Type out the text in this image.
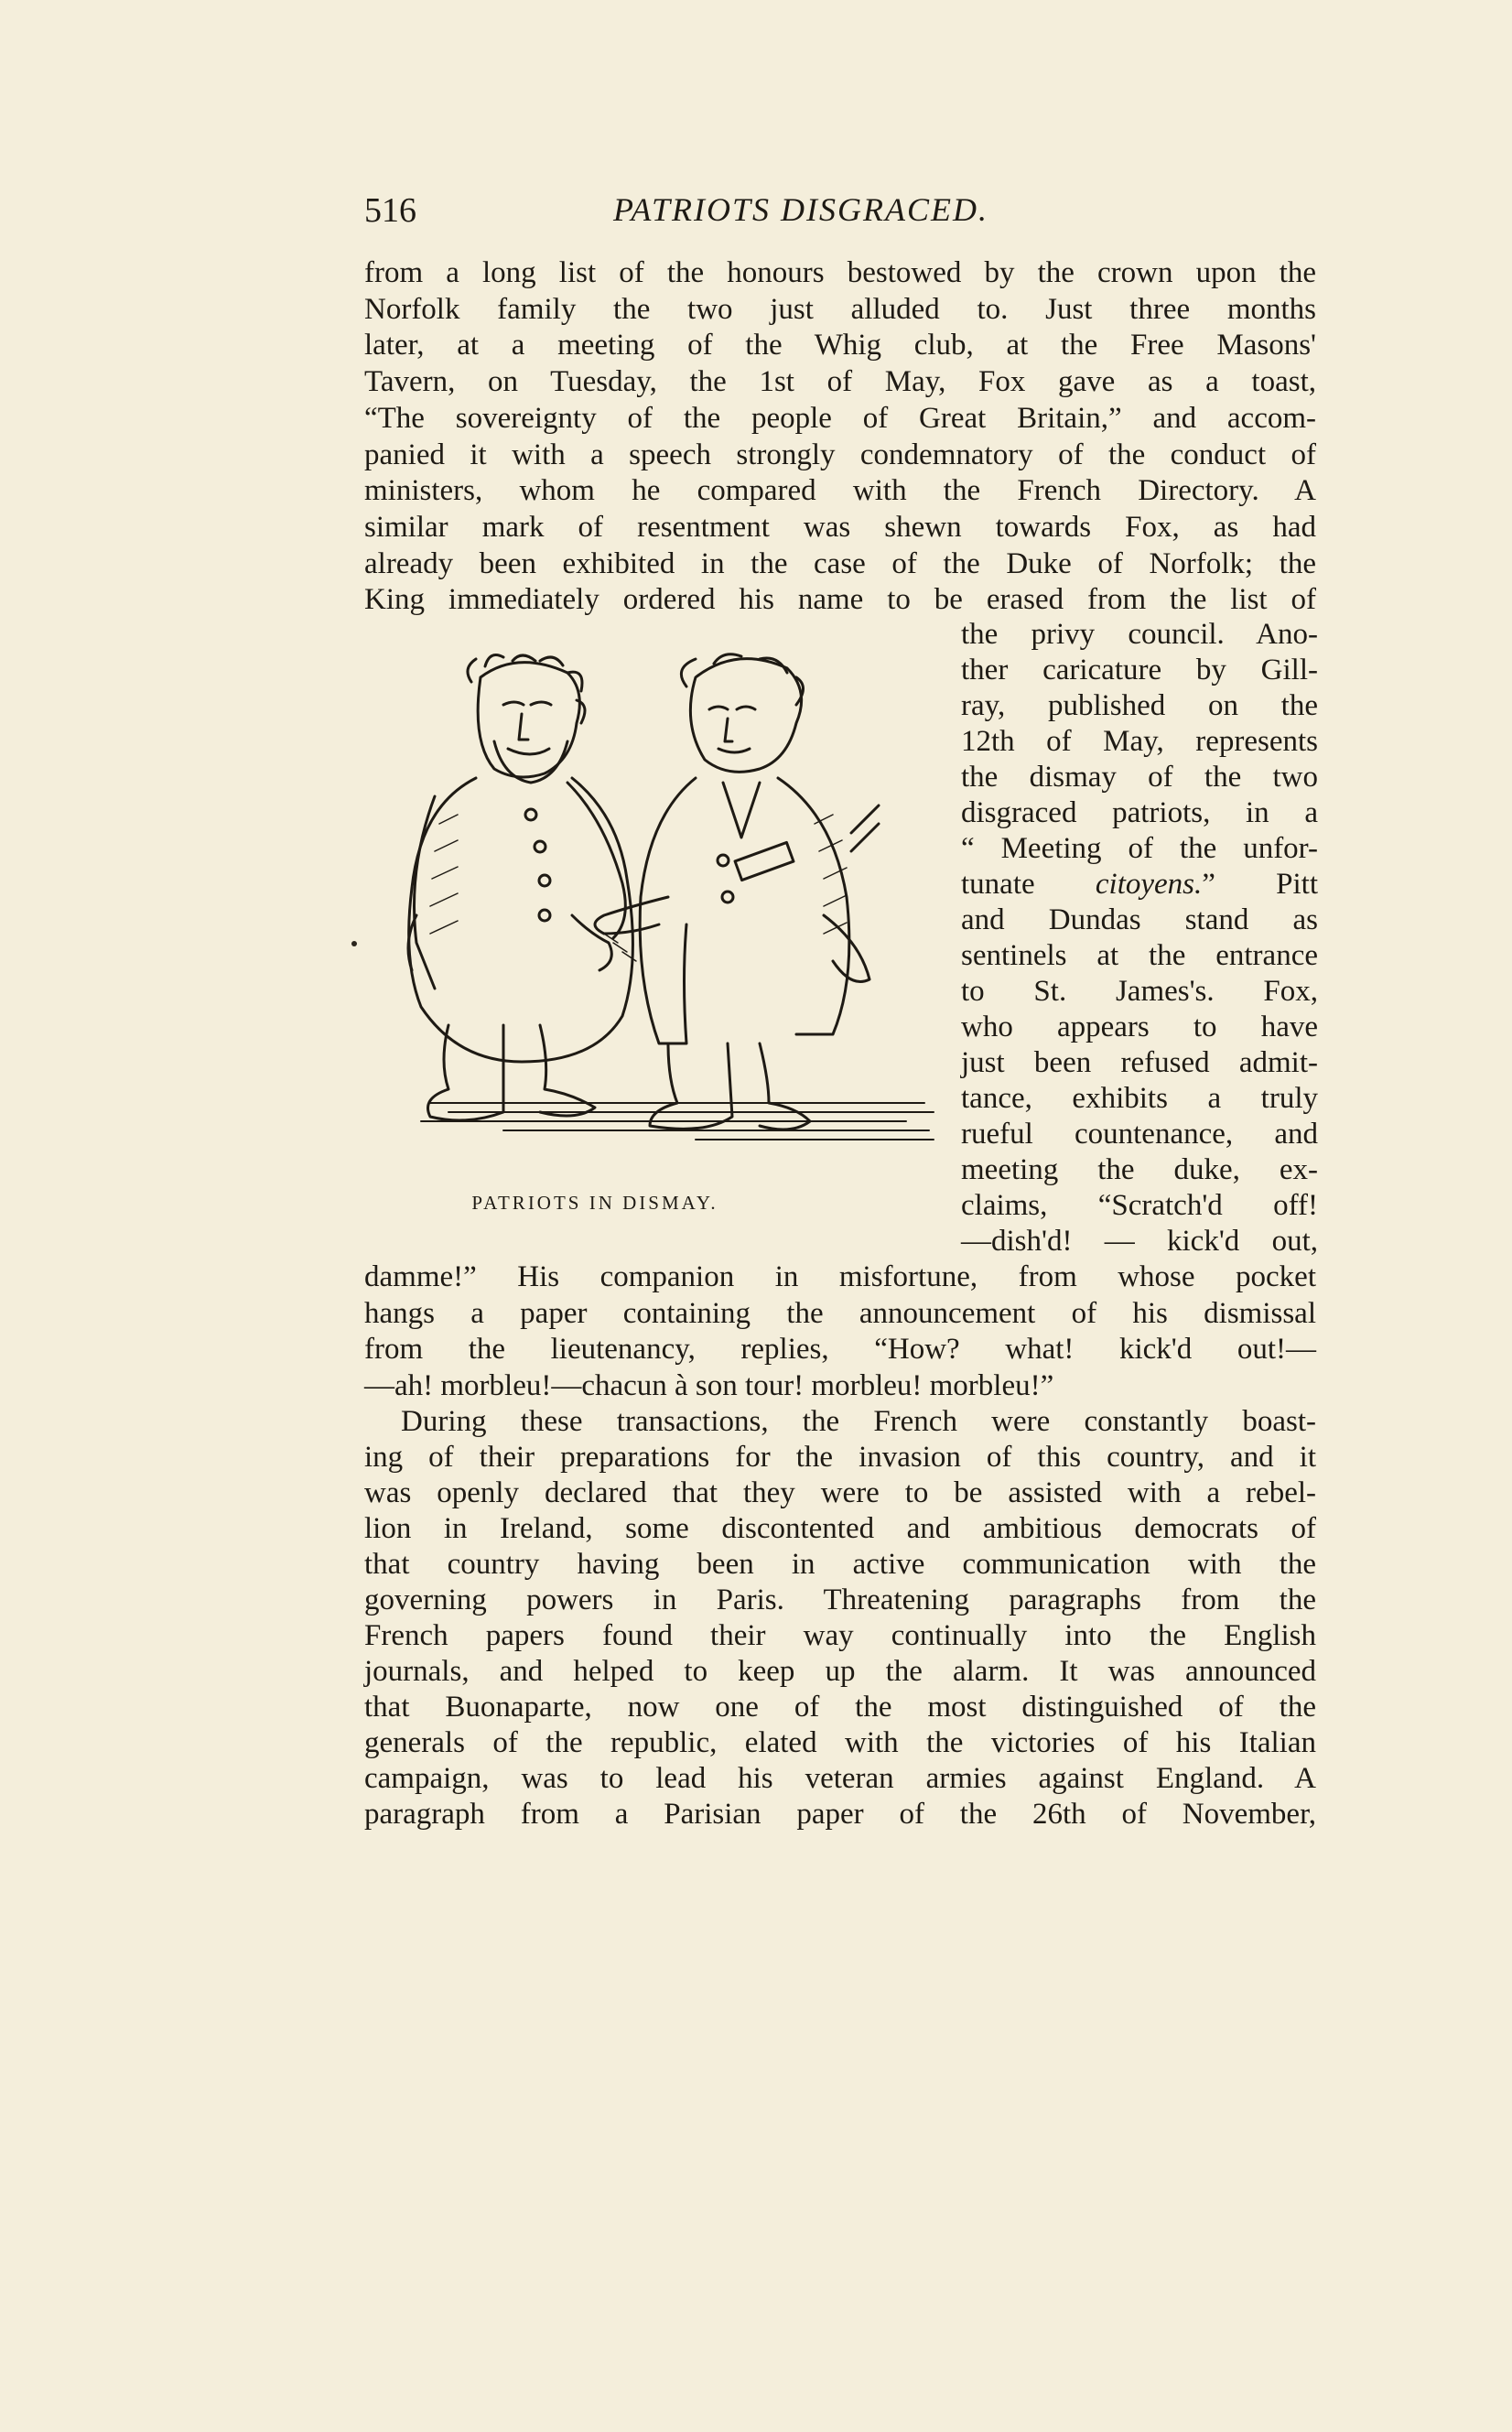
516	PATRIOTS DISGRACED.
from a long list of the honours bestowed by the crown upon the
Norfolk family the two just alluded to. Just three months
later, at a meeting of the Whig club, at the Free Masons'
Tavern, on Tuesday, the 1st of May, Fox gave as a toast,
“The sovereignty of the people of Great Britain,” and accom-
panied it with a speech strongly condemnatory of the conduct of
ministers, whom he compared with the French Directory. A
similar mark of resentment was shewn towards Fox, as had
already been exhibited in the case of the Duke of Norfolk; the
King immediately ordered his name to be erased from the list of
the privy council. Ano-
ther caricature by Gill-
ray, published on the
12th of May, represents
the dismay of the two
disgraced patriots, in a
“ Meeting of the unfor-
tunate citoyens.” Pitt
and Dundas stand as
sentinels at the entrance
to St. James's. Fox,
who appears to have
just been refused admit-
tance, exhibits a truly
rueful countenance, and
meeting the duke, ex-
claims, “Scratch'd off!
—dish'd! — kick'd out,
PATRIOTS IN DISMAY.
damme!” His companion in misfortune, from whose pocket
hangs a paper containing the announcement of his dismissal
from the lieutenancy, replies, “How? what! kick'd out!—
—ah! morbleu!—chacun à son tour! morbleu! morbleu!”
During these transactions, the French were constantly boast-
ing of their preparations for the invasion of this country, and it
was openly declared that they were to be assisted with a rebel-
lion in Ireland, some discontented and ambitious democrats of
that country having been in active communication with the
governing powers in Paris. Threatening paragraphs from the
French papers found their way continually into the English
journals, and helped to keep up the alarm. It was announced
that Buonaparte, now one of the most distinguished of the
generals of the republic, elated with the victories of his Italian
campaign, was to lead his veteran armies against England. A
paragraph from a Parisian paper of the 26th of November,
